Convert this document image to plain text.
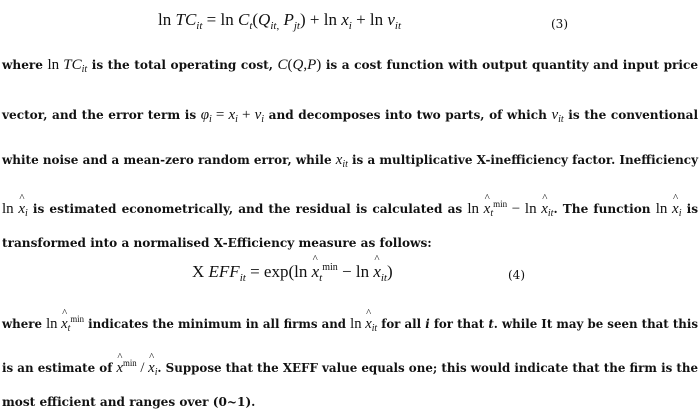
$\ln TC_{it} = \ln C_t(Q_{it,}$ $P_{jt}) + \ln x_i + \ln v_{it}$	(3)
where $\ln TC_{it}$ is the total operating cost, C(Q,P) is a cost function with output quantity and input price
vector, and the error term is $\varphi_i = x_i + v_i$ and decomposes into two parts, of which $v_{it}$ is the conventional
white noise and a mean-zero random error, while $x_{it}$ is a multiplicative X-inefficiency factor. Inefficiency
ln ^ $x_i$ is estimated econometrically, and the residual is calculated as ln ^ $x_t^{min} - \ln$ ^ $x_{it}$. The function ln ^ $x_i$ is
transformed into a normalised X-Efficiency measure as follows:
X $EFF_{it} = \exp(\ln$ ^ $x_t^{min} - \ln$ ^ $x_{it}$)	(4)
where ln ^ $x_t^{min}$ indicates the minimum in all firms and ln ^ $x_{it}$ for all i for that t. while It may be seen that this
is an estimate of ^ $x^{min}$ / ^ $x_i$. Suppose that the XEFF value equals one; this would indicate that the firm is the
most efficient and ranges over (0~1).
